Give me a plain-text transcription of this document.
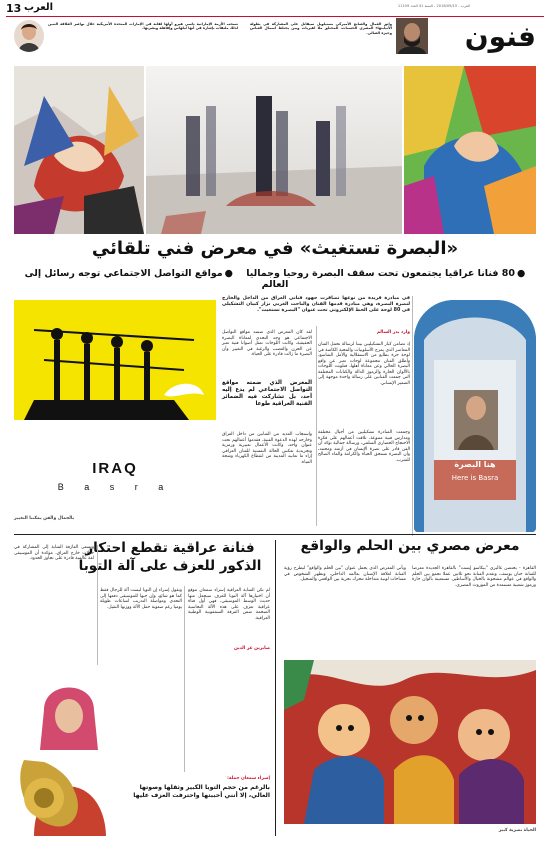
13 العرب	العرب - 2018/09/15 - السنة 41 العدد 11109
تسحب الأزمة الإماراتية تاسي هيرو أولها لفانة في الإمارات المتحدة الأمريكية خلال نواصر العلاقة الثنين لذلك ملتقات بإشارة في أنها لبلهاس وإفاهلة وبشرتها.
واثق العمال والصانع الأميركي بستيلويل سيقاتل على المشاركة في بطولة الأنيابنهاء المصري الحسنات، المحتلق ملا اهيريات وبين يختلط اسمال العباس وجيزة الضالي.	فنون
«البصرة تستغيث» في معرض فني تلقائي
● 80 فنانا عراقيا يجتمعون تحت سقف البصرة روحيا وجماليا    ● مواقع التواصل الاجتماعي توجه رسائل إلى العالم
في مبادرة فريدة من نوعها تضافرت جهود فناني العراق من الداخل والخارج لنصرة البصرة، وهي مبادرة قدمها الفنان والباحث الغربي نزار كبيان التشكيلي في 80 لوحة على الخط الإلكتروني تحت عنوان "البصرة تستغيث".
هنا البصرة
Here is Basra
وارد بدر السالم
إذ تضامن كبار التشكيليين بيننا لرسالة تحمل الفنان المعاصر الذي يمزج الأسلوبيات والمحنة الكامنة في لوحة حرة بطابع من الاستقلالية والأمل الشاسع، وأطلق الفنان مجموعة لوحات تعبر عن واقع البصرة الحالي وعن معاناة أهلها، فتلونت اللوحات بالألوان الحارة والرموز الدالة والكتابات المختلفة التي جمعت الفنانين على رسالة واحدة موجهة إلى الضمير الإنساني.
وجمعت المبادرة تشكيليين من أجيال مختلفة ومدارس فنية متنوعة، تلاقت أعمالهم على فكرة الاحتجاج الحضاري السلمي، ورسالة جمالية تؤكد أن الفن قادر على نصرة الإنسان في أزمته ومحنته، وأن البصرة تستحق الحياة والكرامة والماء الصالح للشرب.
لقد كان المعرض الذي ضمته مواقع التواصل الاجتماعي هو وجه التحدي لمعاناة البصرة الحقيقية، وكانت اللوحات تمثل أصواتا فنية تعبر عن الحزن والغضب والرغبة في التغيير وأن البصرة ما زالت قادرة على الحياة.
المعرض الذي ضمته مواقع التواصل الاجتماعي لم يدع إليه أحد، بل تشاركت فيه الضمائر الفنية العراقية طوعا
واستجاب العديد من الفنانين من داخل العراق وخارجه لهذه الدعوة الفنية، فقدموا أعمالهم تحت عنوان واحد، وكانت الأعمال تعبيرية ورمزية وتجريدية تعكس الحالة النفسية للفنان العراقي إزاء ما تعانيه المدينة من انقطاع الكهرباء وشحة المياه.
IRAQ
B a s r a
بالجمال والفن يمكننا التغيير
معرض مصري بين الحلم والواقع
القاهرة - يحتضن غاليري "بيكاسو إيست" بالقاهرة الجديدة معرضا للفنانة حنان يوسف، وتقدم الفنانة نحو ثلاثين عملا تجمع بين الحلم والواقع في عوالم مشحونة بالخيال والأساطير، مستعينة بألوان حارة ورموز شعبية مستمدة من الموروث المصري.
ويأتي المعرض الذي يحمل عنوان "بين الحلم والواقع" ليطرح رؤية الفنانة لعلاقة الإنسان بعالمه الداخلي، وتظهر الشخوص في مساحات لونية متداخلة تتحرك بحرية بين الواقعي والمتخيل.
الحياة بصرية كبير
فنانة عراقية تقطع احتكار الذكور للعزف على آلة التوبا
لم تكن الشابة العراقية إسراء سمعان تتوقع أن اختيارها آلة التوبا للعزف سيجعل منها حديث الوسط الموسيقي، فهي أول فتاة عراقية تعزف على هذه الآلة النحاسية الضخمة ضمن الفرقة السمفونية الوطنية العراقية.
صابرين عز الدين
وتقول إسراء إن التوبا ليست آلة للرجال فقط كما هو شائع، وإن حبها للموسيقى دفعها إلى التحدي ومواصلة التدريب لساعات طويلة يوميا رغم صعوبة حمل الآلة ووزنها الثقيل.
وتسعى العازفة الشابة إلى المشاركة في حفلات خارج العراق، مؤكدة أن الموسيقى لغة عالمية قادرة على تجاوز الحدود.
إسراء سمعان جملة:
بالرغم من حجم التوبا الكبير وثقلها وصوتها العالي، إلا أنني أحببتها واحترفت العزف عليها
